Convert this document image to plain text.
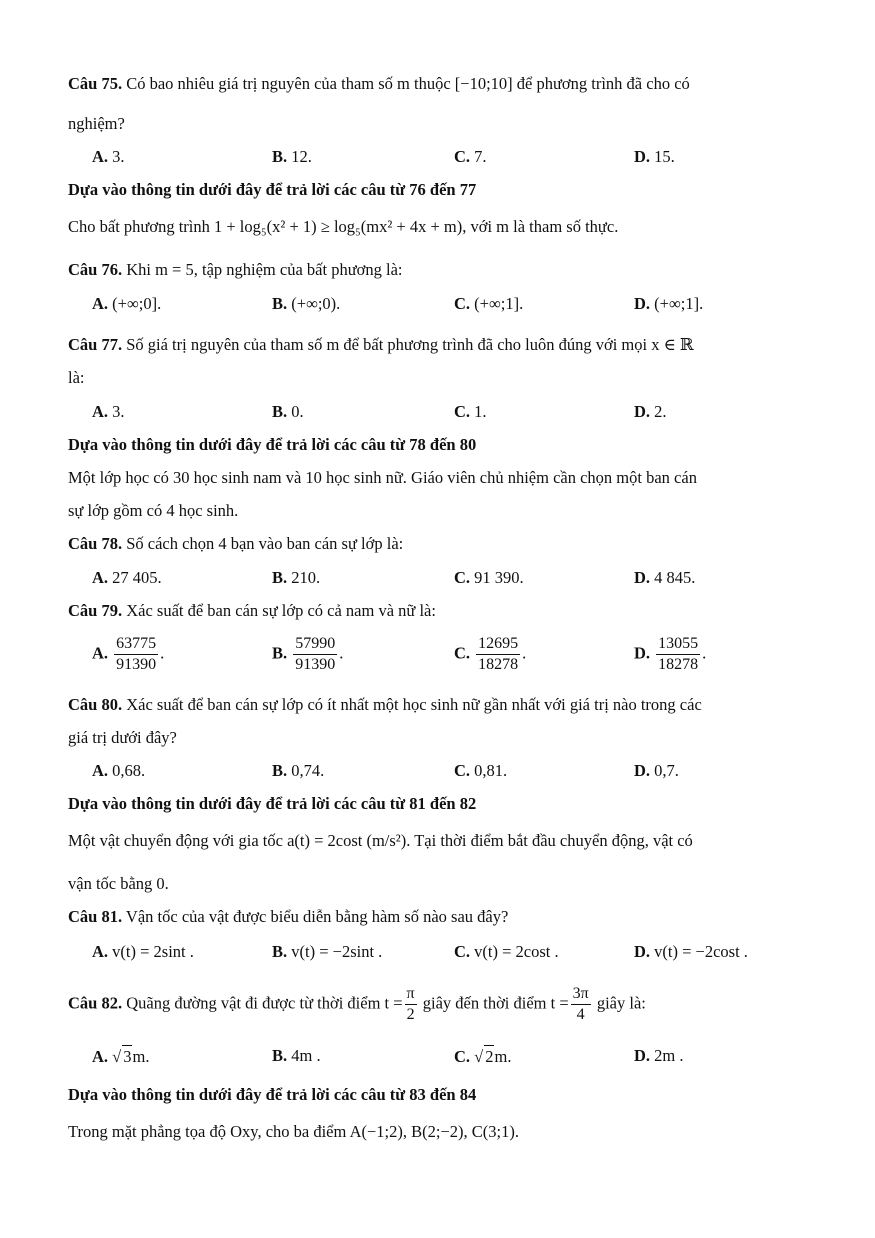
Câu 75. Có bao nhiêu giá trị nguyên của tham số m thuộc [−10;10] để phương trình đã cho có
nghiệm?
A. 3.	B. 12.	C. 7.	D. 15.
Dựa vào thông tin dưới đây để trả lời các câu từ 76 đến 77
Cho bất phương trình 1 + log₅(x² + 1) ≥ log₅(mx² + 4x + m), với m là tham số thực.
Câu 76. Khi m = 5, tập nghiệm của bất phương là:
A. (+∞;0].	B. (+∞;0).	C. (+∞;1].	D. (+∞;1].
Câu 77. Số giá trị nguyên của tham số m để bất phương trình đã cho luôn đúng với mọi x ∈ ℝ
là:
A. 3.	B. 0.	C. 1.	D. 2.
Dựa vào thông tin dưới đây để trả lời các câu từ 78 đến 80
Một lớp học có 30 học sinh nam và 10 học sinh nữ. Giáo viên chủ nhiệm cần chọn một ban cán
sự lớp gồm có 4 học sinh.
Câu 78. Số cách chọn 4 bạn vào ban cán sự lớp là:
A. 27 405.	B. 210.	C. 91 390.	D. 4 845.
Câu 79. Xác suất để ban cán sự lớp có cả nam và nữ là:
A. $\frac{63775}{91390}$ .	B. $\frac{57990}{91390}$ .	C. $\frac{12695}{18278}$ .	D. $\frac{13055}{18278}$ .
Câu 80. Xác suất để ban cán sự lớp có ít nhất một học sinh nữ gần nhất với giá trị nào trong các
giá trị dưới đây?
A. 0,68.	B. 0,74.	C. 0,81.	D. 0,7.
Dựa vào thông tin dưới đây để trả lời các câu từ 81 đến 82
Một vật chuyển động với gia tốc a(t) = 2cost (m/s²). Tại thời điểm bắt đầu chuyển động, vật có
vận tốc bằng 0.
Câu 81. Vận tốc của vật được biểu diễn bằng hàm số nào sau đây?
A. v(t) = 2sint .	B. v(t) = −2sint .	C. v(t) = 2cost .	D. v(t) = −2cost .
Câu 82. Quãng đường vật đi được từ thời điểm $t = \frac{\pi}{2}$ giây đến thời điểm $t = \frac{3\pi}{4}$ giây là:
A. √ 3m.	B. 4m .	C. √ 2m.	D. 2m .
Dựa vào thông tin dưới đây để trả lời các câu từ 83 đến 84
Trong mặt phẳng tọa độ Oxy, cho ba điểm A(−1;2), B(2;−2), C(3;1).
